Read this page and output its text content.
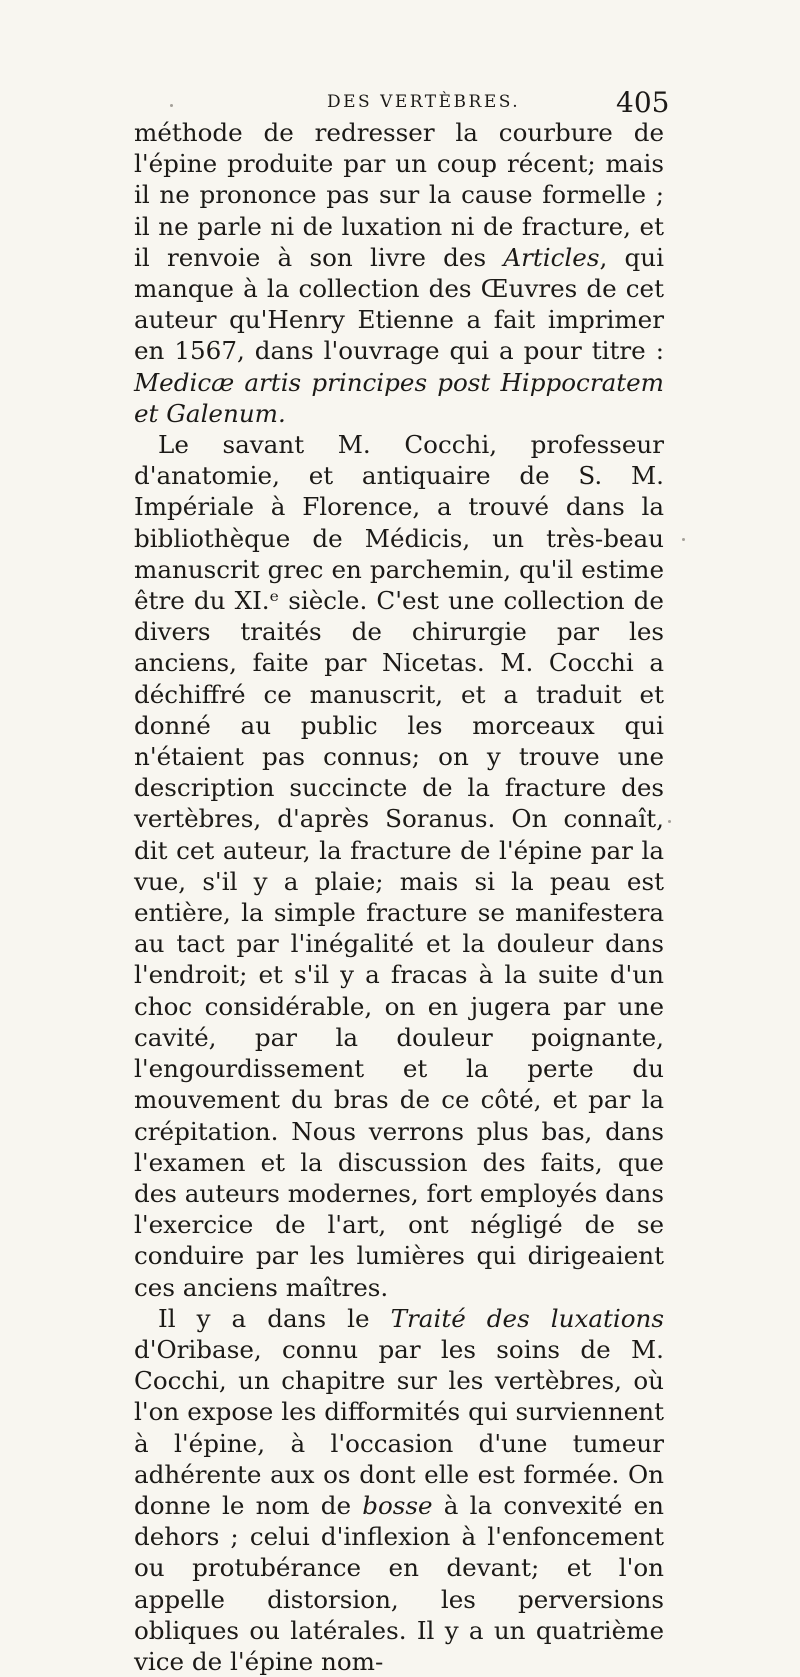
DES VERTÈBRES.	405

méthode de redresser la courbure de l'épine produite par un coup récent; mais il ne prononce pas sur la cause formelle ; il ne parle ni de luxation ni de fracture, et il renvoie à son livre des Articles, qui manque à la collection des Œuvres de cet auteur qu'Henry Etienne a fait imprimer en 1567, dans l'ouvrage qui a pour titre : Medicæ artis principes post Hippocratem et Galenum.

Le savant M. Cocchi, professeur d'anatomie, et antiquaire de S. M. Impériale à Florence, a trouvé dans la bibliothèque de Médicis, un très-beau manuscrit grec en parchemin, qu'il estime être du XI.ᵉ siècle. C'est une collection de divers traités de chirurgie par les anciens, faite par Nicetas. M. Cocchi a déchiffré ce manuscrit, et a traduit et donné au public les morceaux qui n'étaient pas connus; on y trouve une description succincte de la fracture des vertèbres, d'après Soranus. On connaît, dit cet auteur, la fracture de l'épine par la vue, s'il y a plaie; mais si la peau est entière, la simple fracture se manifestera au tact par l'inégalité et la douleur dans l'endroit; et s'il y a fracas à la suite d'un choc considérable, on en jugera par une cavité, par la douleur poignante, l'engourdissement et la perte du mouvement du bras de ce côté, et par la crépitation. Nous verrons plus bas, dans l'examen et la discussion des faits, que des auteurs modernes, fort employés dans l'exercice de l'art, ont négligé de se conduire par les lumières qui dirigeaient ces anciens maîtres.

Il y a dans le Traité des luxations d'Oribase, connu par les soins de M. Cocchi, un chapitre sur les vertèbres, où l'on expose les difformités qui surviennent à l'épine, à l'occasion d'une tumeur adhérente aux os dont elle est formée. On donne le nom de bosse à la convexité en dehors ; celui d'inflexion à l'enfoncement ou protubérance en devant; et l'on appelle distorsion, les perversions obliques ou latérales. Il y a un quatrième vice de l'épine nom-
